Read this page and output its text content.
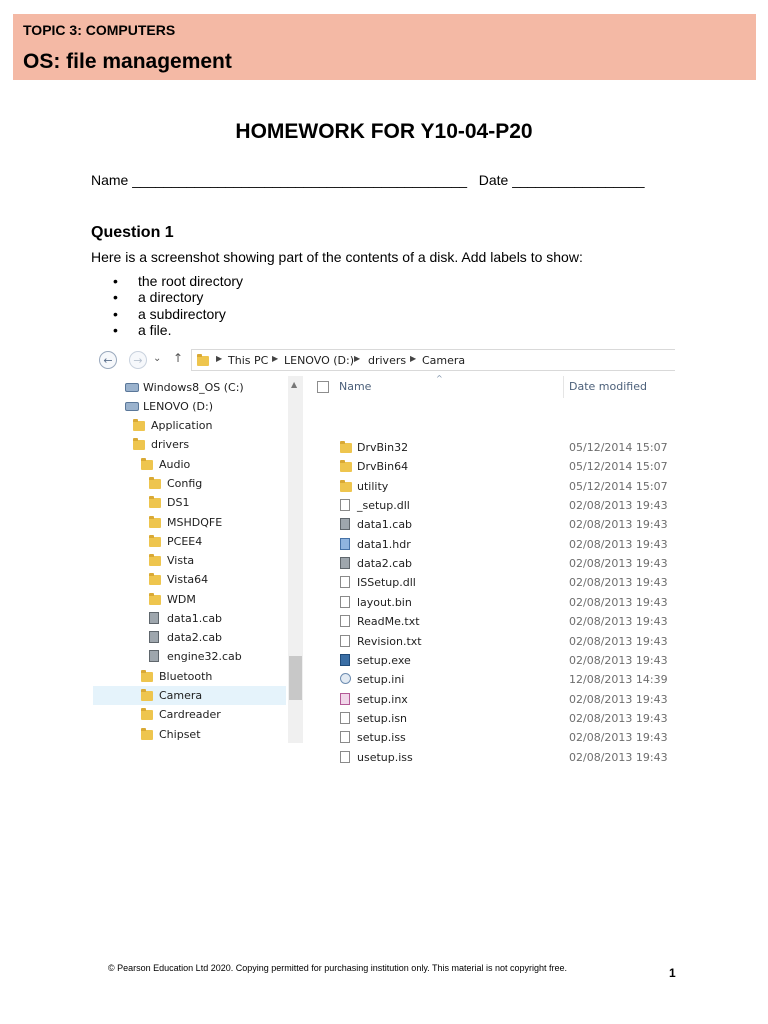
TOPIC 3: COMPUTERS
OS: file management
HOMEWORK FOR Y10-04-P20
Name ___________________________________________ Date _________________
Question 1
Here is a screenshot showing part of the contents of a disk. Add labels to show:
• the root directory
• a directory
• a subdirectory
• a file.
←	→	⌄ ↑	▶ This PC ▶ LENOVO (D:) ▶ drivers ▶ Camera
Windows8_OS (C:)
LENOVO (D:)
Application
drivers
Audio
Config
DS1
MSHDQFE
PCEE4
Vista
Vista64
WDM
data1.cab
data2.cab
engine32.cab
Bluetooth
Camera
Cardreader
Chipset
▲
^
Name	Date modified
DrvBin32	05/12/2014 15:07
DrvBin64	05/12/2014 15:07
utility	05/12/2014 15:07
_setup.dll	02/08/2013 19:43
data1.cab	02/08/2013 19:43
data1.hdr	02/08/2013 19:43
data2.cab	02/08/2013 19:43
ISSetup.dll	02/08/2013 19:43
layout.bin	02/08/2013 19:43
ReadMe.txt	02/08/2013 19:43
Revision.txt	02/08/2013 19:43
setup.exe	02/08/2013 19:43
setup.ini	12/08/2013 14:39
setup.inx	02/08/2013 19:43
setup.isn	02/08/2013 19:43
setup.iss	02/08/2013 19:43
usetup.iss	02/08/2013 19:43
© Pearson Education Ltd 2020. Copying permitted for purchasing institution only. This material is not copyright free.	1
